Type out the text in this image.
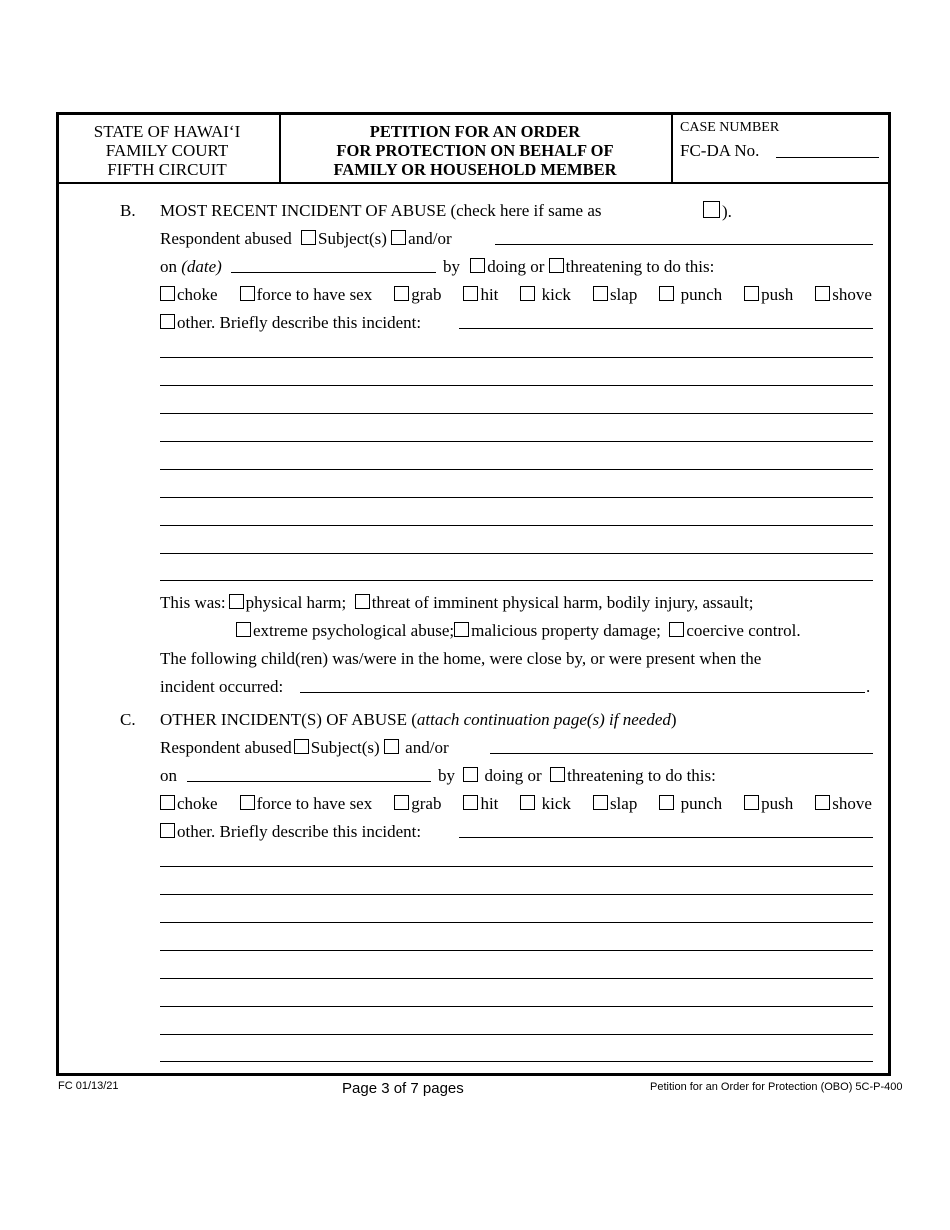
STATE OF HAWAI‘I
FAMILY COURT
FIFTH CIRCUIT
PETITION FOR AN ORDER
FOR PROTECTION ON BEHALF OF
FAMILY OR HOUSEHOLD MEMBER
CASE NUMBER
FC-DA No.
B. MOST RECENT INCIDENT OF ABUSE (check here if same as	).
Respondent abused Subject(s) and/or
on (date)	by doing or threatening to do this:
choke	force to have sex	grab	hit	kick	slap	punch	push	shove
other. Briefly describe this incident:
This was: physical harm; threat of imminent physical harm, bodily injury, assault;
extreme psychological abuse; malicious property damage; coercive control.
The following child(ren) was/were in the home, were close by, or were present when the
incident occurred:	.
C. OTHER INCIDENT(S) OF ABUSE (attach continuation page(s) if needed)
Respondent abused Subject(s) and/or
on	by doing or threatening to do this:
choke	force to have sex	grab	hit	kick	slap	punch	push	shove
other. Briefly describe this incident:
FC 01/13/21	Page 3 of 7 pages	Petition for an Order for Protection (OBO) 5C-P-400
